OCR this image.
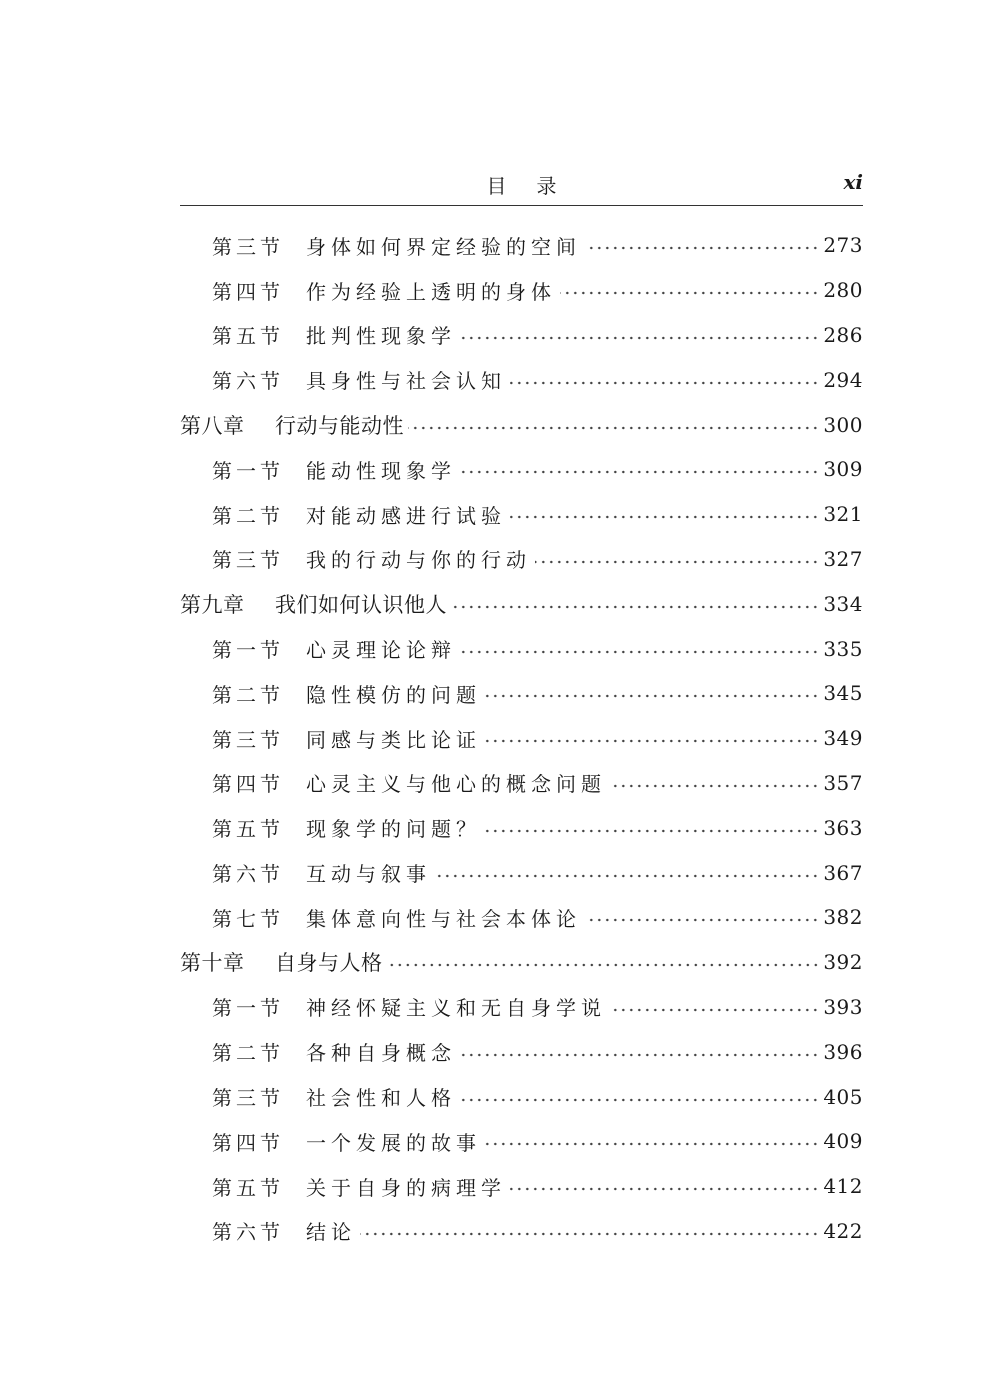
目录	xi
第三节	身体如何界定经验的空间	273
第四节	作为经验上透明的身体	280
第五节	批判性现象学	286
第六节	具身性与社会认知	294
第八章	行动与能动性	300
第一节	能动性现象学	309
第二节	对能动感进行试验	321
第三节	我的行动与你的行动	327
第九章	我们如何认识他人	334
第一节	心灵理论论辩	335
第二节	隐性模仿的问题	345
第三节	同感与类比论证	349
第四节	心灵主义与他心的概念问题	357
第五节	现象学的问题？	363
第六节	互动与叙事	367
第七节	集体意向性与社会本体论	382
第十章	自身与人格	392
第一节	神经怀疑主义和无自身学说	393
第二节	各种自身概念	396
第三节	社会性和人格	405
第四节	一个发展的故事	409
第五节	关于自身的病理学	412
第六节	结论	422
